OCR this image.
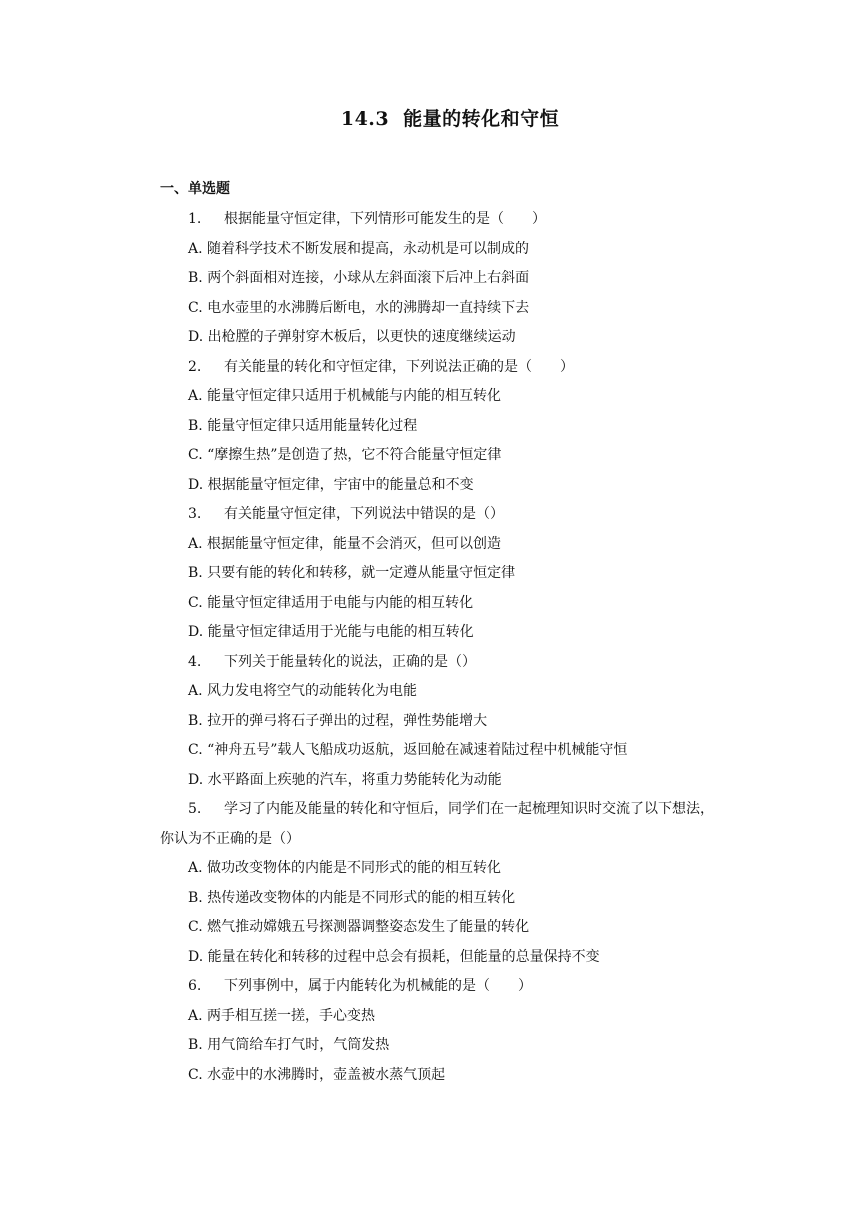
14.3 能量的转化和守恒
一、单选题
1. 根据能量守恒定律，下列情形可能发生的是（　　）
A. 随着科学技术不断发展和提高，永动机是可以制成的
B. 两个斜面相对连接，小球从左斜面滚下后冲上右斜面
C. 电水壶里的水沸腾后断电，水的沸腾却一直持续下去
D. 出枪膛的子弹射穿木板后，以更快的速度继续运动
2. 有关能量的转化和守恒定律，下列说法正确的是（　　）
A. 能量守恒定律只适用于机械能与内能的相互转化
B. 能量守恒定律只适用能量转化过程
C. “摩擦生热”是创造了热，它不符合能量守恒定律
D. 根据能量守恒定律，宇宙中的能量总和不变
3. 有关能量守恒定律，下列说法中错误的是（）
A. 根据能量守恒定律，能量不会消灭，但可以创造
B. 只要有能的转化和转移，就一定遵从能量守恒定律
C. 能量守恒定律适用于电能与内能的相互转化
D. 能量守恒定律适用于光能与电能的相互转化
4. 下列关于能量转化的说法，正确的是（）
A. 风力发电将空气的动能转化为电能
B. 拉开的弹弓将石子弹出的过程，弹性势能增大
C. “神舟五号”载人飞船成功返航，返回舱在减速着陆过程中机械能守恒
D. 水平路面上疾驰的汽车，将重力势能转化为动能
5. 学习了内能及能量的转化和守恒后，同学们在一起梳理知识时交流了以下想法，
你认为不正确的是（）
A. 做功改变物体的内能是不同形式的能的相互转化
B. 热传递改变物体的内能是不同形式的能的相互转化
C. 燃气推动嫦娥五号探测器调整姿态发生了能量的转化
D. 能量在转化和转移的过程中总会有损耗，但能量的总量保持不变
6. 下列事例中，属于内能转化为机械能的是（　　）
A. 两手相互搓一搓，手心变热
B. 用气筒给车打气时，气筒发热
C. 水壶中的水沸腾时，壶盖被水蒸气顶起
